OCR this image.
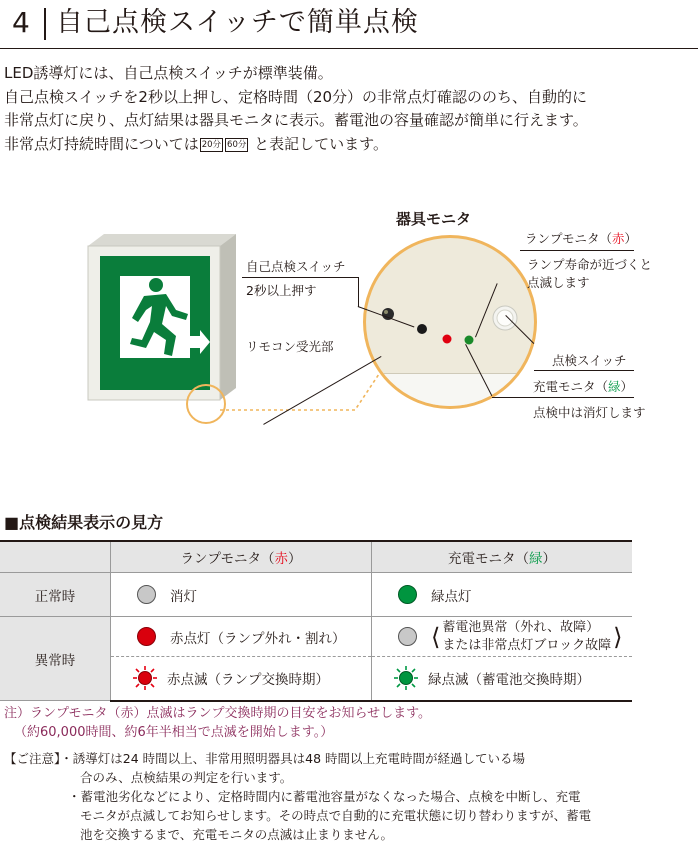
4 自己点検スイッチで簡単点検
LED誘導灯には、自己点検スイッチが標準装備。
自己点検スイッチを2秒以上押し、定格時間（20分）の非常点灯確認ののち、自動的に
非常点灯に戻り、点灯結果は器具モニタに表示。蓄電池の容量確認が簡単に行えます。
非常点灯持続時間については 20分 60分 と表記しています。
器具モニタ
自己点検スイッチ
2秒以上押す
リモコン受光部
ランプモニタ（赤）
ランプ寿命が近づくと
点滅します
点検スイッチ
充電モニタ（緑）
点検中は消灯します
■点検結果表示の見方
	ランプモニタ（赤）	充電モニタ（緑）
正常時	消灯	緑点灯

異常時	赤点灯（ランプ外れ・割れ）	⟨ 蓄電池異常（外れ、故障）
または非常点灯ブロック故障 ⟩

	赤点滅（ランプ交換時期）	緑点滅（蓄電池交換時期）
注）ランプモニタ（赤）点滅はランプ交換時期の目安をお知らせします。
（約60,000時間、約6年半相当で点滅を開始します。）
【ご注意】・誘導灯は24 時間以上、非常用照明器具は48 時間以上充電時間が経過している場
合のみ、点検結果の判定を行います。
・蓄電池劣化などにより、定格時間内に蓄電池容量がなくなった場合、点検を中断し、充電
モニタが点滅してお知らせします。その時点で自動的に充電状態に切り替わりますが、蓄電
池を交換するまで、充電モニタの点滅は止まりません。
